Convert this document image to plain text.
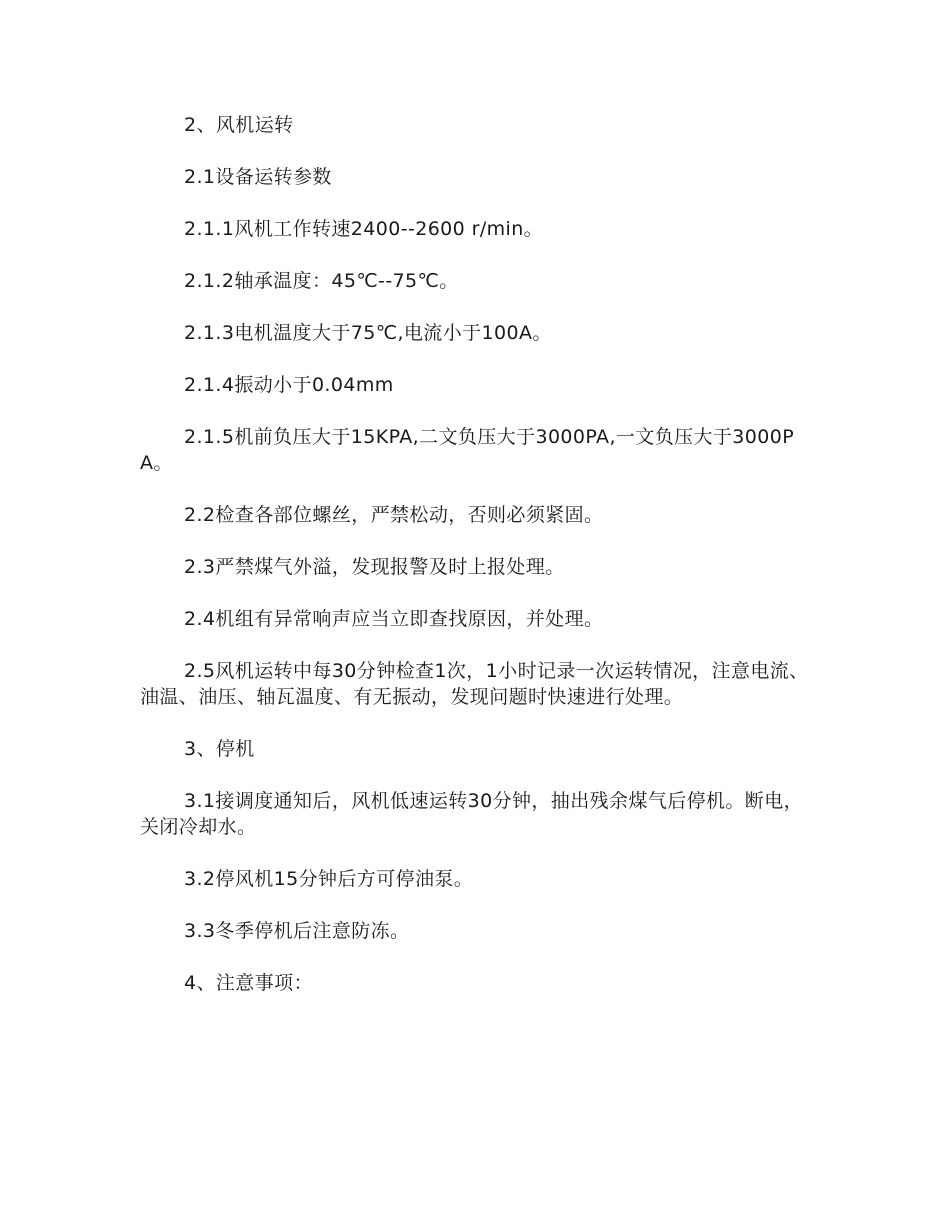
2、风机运转

2.1设备运转参数

2.1.1风机工作转速2400--2600 r/min。

2.1.2轴承温度：45℃--75℃。

2.1.3电机温度大于75℃,电流小于100A。

2.1.4振动小于0.04mm

2.1.5机前负压大于15KPA,二文负压大于3000PA,一文负压大于3000PA。

2.2检查各部位螺丝，严禁松动，否则必须紧固。

2.3严禁煤气外溢，发现报警及时上报处理。

2.4机组有异常响声应当立即查找原因，并处理。

2.5风机运转中每30分钟检查1次，1小时记录一次运转情况，注意电流、油温、油压、轴瓦温度、有无振动，发现问题时快速进行处理。

3、停机

3.1接调度通知后，风机低速运转30分钟，抽出残余煤气后停机。断电，关闭冷却水。

3.2停风机15分钟后方可停油泵。

3.3冬季停机后注意防冻。

4、注意事项：
